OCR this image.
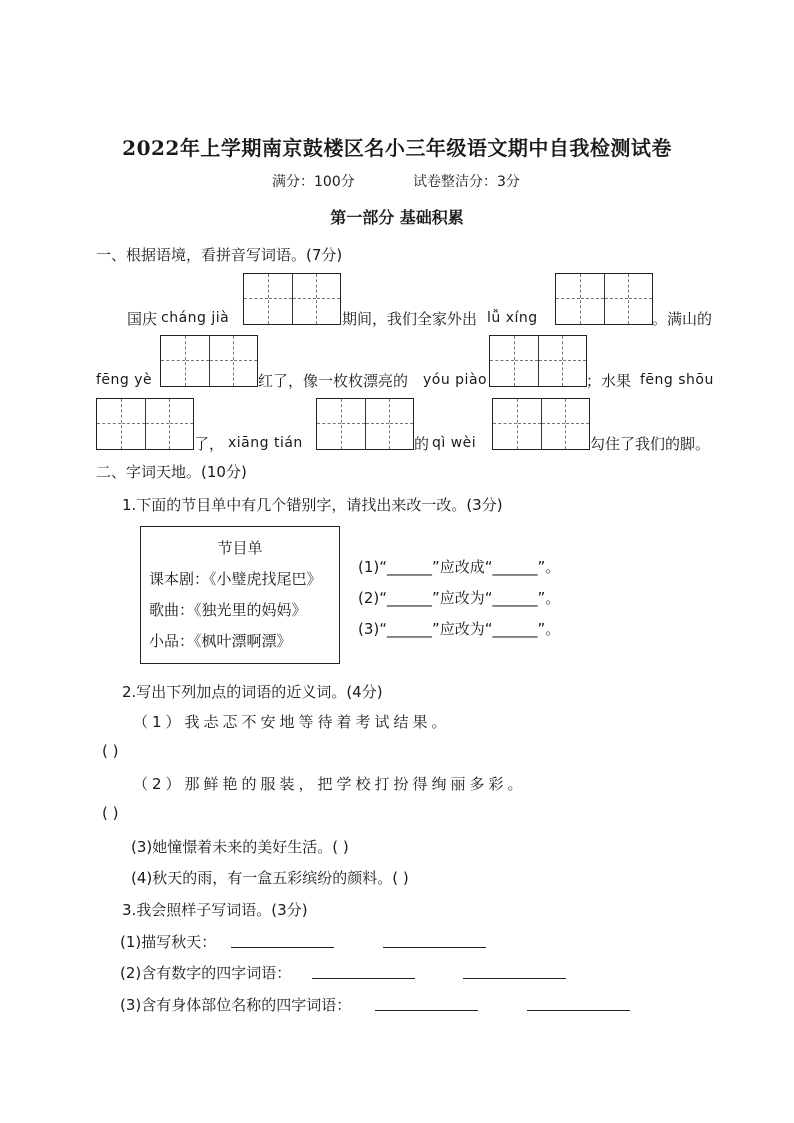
2022年上学期南京鼓楼区名小三年级语文期中自我检测试卷
满分：100分	试卷整洁分：3分
第一部分 基础积累
一、根据语境，看拼音写词语。(7分)
国庆 cháng jià	期间，我们全家外出 lǚ xíng	。满山的
fēng yè	红了，像一枚枚漂亮的 yóu piào	；水果 fēng shōu
了， xiāng tián	的 qì wèi	勾住了我们的脚。
二、字词天地。(10分)
1.下面的节目单中有几个错别字，请找出来改一改。(3分)
节目单
课本剧：《小璧虎找尾巴》
歌曲：《独光里的妈妈》
小品：《枫叶漂啊漂》
(1)“______”应改成“______”。
(2)“______”应改为“______”。
(3)“______”应改为“______”。
2.写出下列加点的词语的近义词。(4分)
（1）我忐忑不安地等待着考试结果。
( )
（2）那鲜艳的服装，把学校打扮得绚丽多彩。
( )
(3)她憧憬着未来的美好生活。( )
(4)秋天的雨，有一盒五彩缤纷的颜料。( )
3.我会照样子写词语。(3分)
(1)描写秋天：
(2)含有数字的四字词语：
(3)含有身体部位名称的四字词语：
